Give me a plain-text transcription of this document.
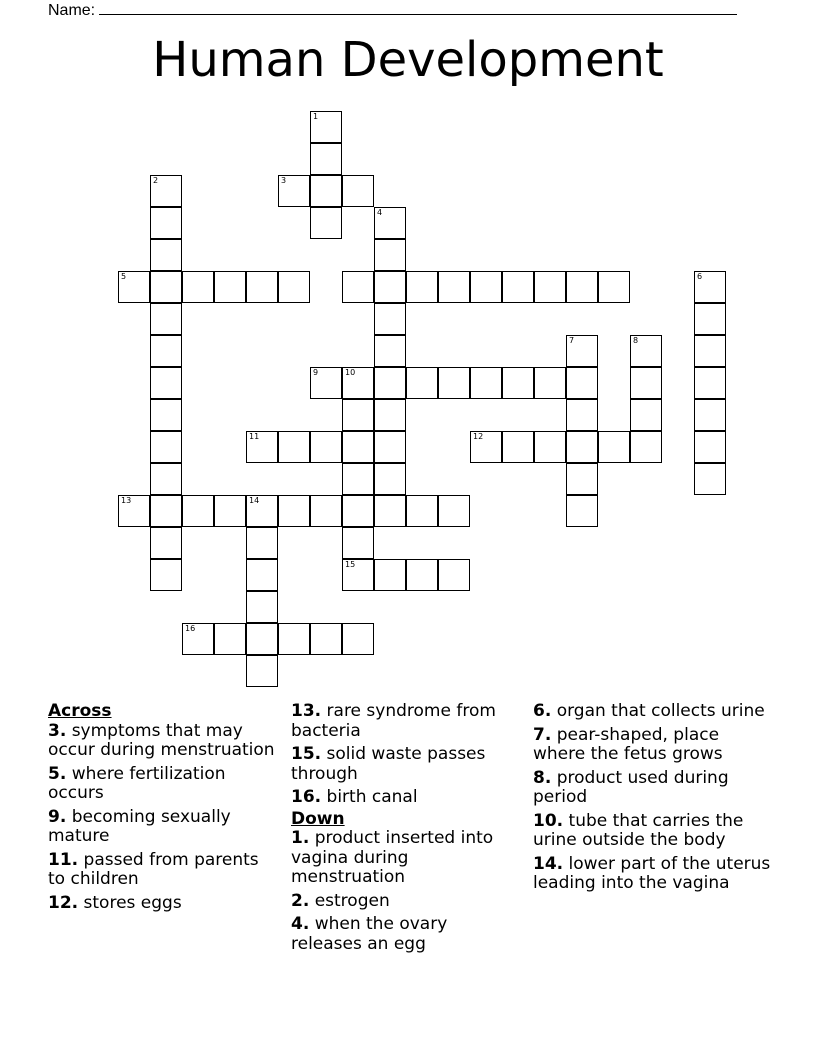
Name:
Human Development
1
3
4
2
5	6
7	8
9	10
11	12
13	14
15
16
Across
3. symptoms that may occur during menstruation
5. where fertilization occurs
9. becoming sexually mature
11. passed from parents to children
12. stores eggs
13. rare syndrome from bacteria
15. solid waste passes through
16. birth canal
Down
1. product inserted into vagina during menstruation
2. estrogen
4. when the ovary releases an egg
6. organ that collects urine
7. pear-shaped, place where the fetus grows
8. product used during period
10. tube that carries the urine outside the body
14. lower part of the uterus leading into the vagina
